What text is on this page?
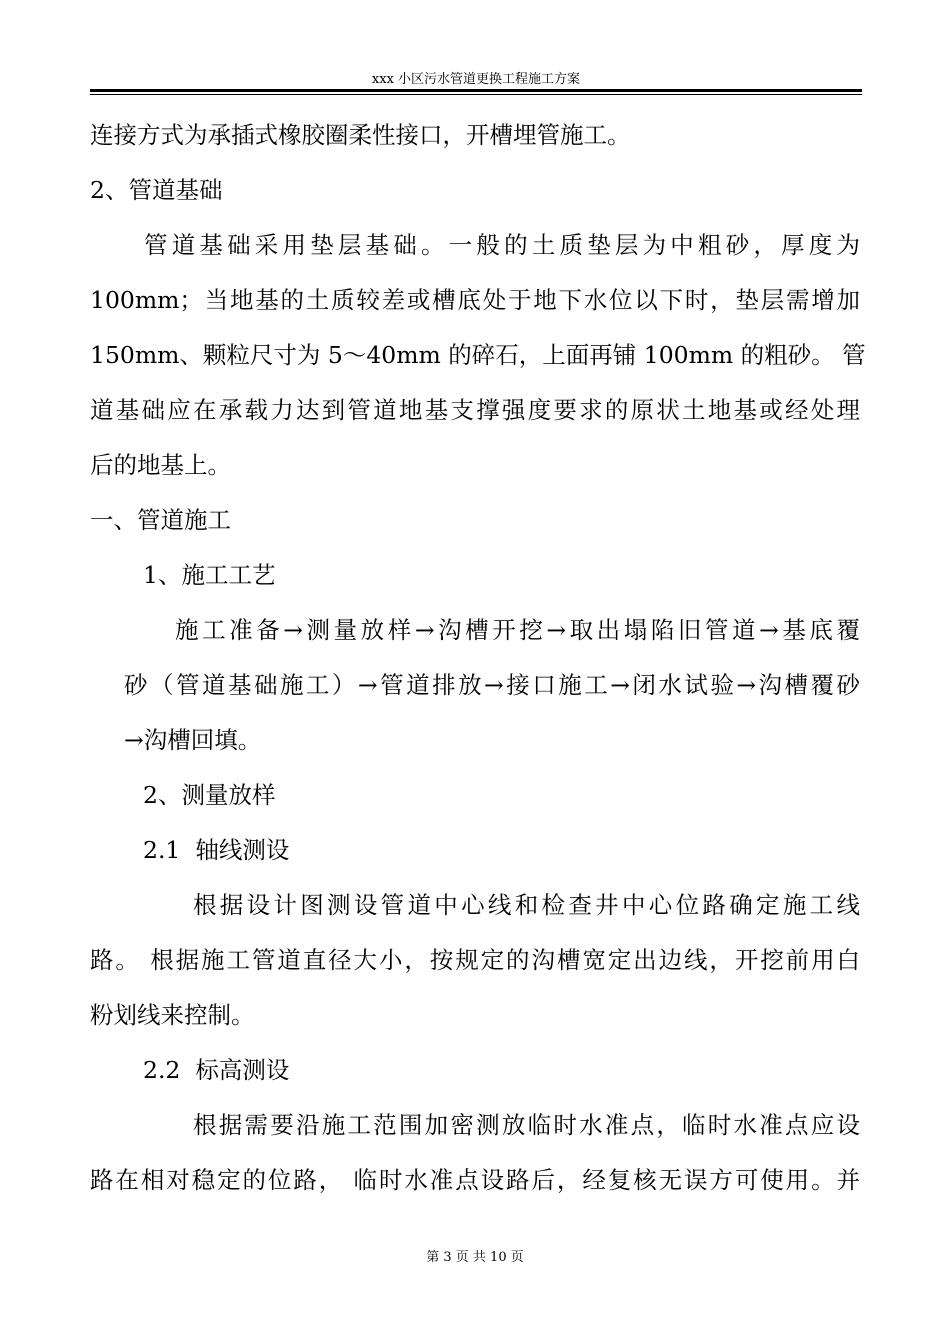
xxx 小区污水管道更换工程施工方案
连接方式为承插式橡胶圈柔性接口，开槽埋管施工。
2、管道基础
管道基础采用垫层基础。一般的土质垫层为中粗砂，厚度为
100mm；当地基的土质较差或槽底处于地下水位以下时，垫层需增加
150mm、颗粒尺寸为 5～40mm 的碎石，上面再铺 100mm 的粗砂。 管
道基础应在承载力达到管道地基支撑强度要求的原状土地基或经处理
后的地基上。
一、管道施工
1、施工工艺
施工准备→测量放样→沟槽开挖→取出塌陷旧管道→基底覆
砂（管道基础施工）→管道排放→接口施工→闭水试验→沟槽覆砂
→沟槽回填。
2、测量放样
2.1  轴线测设
根据设计图测设管道中心线和检查井中心位路确定施工线
路。 根据施工管道直径大小，按规定的沟槽宽定出边线，开挖前用白
粉划线来控制。
2.2  标高测设
根据需要沿施工范围加密测放临时水准点，临时水准点应设
路在相对稳定的位路， 临时水准点设路后，经复核无误方可使用。并
第 3 页 共 10 页
